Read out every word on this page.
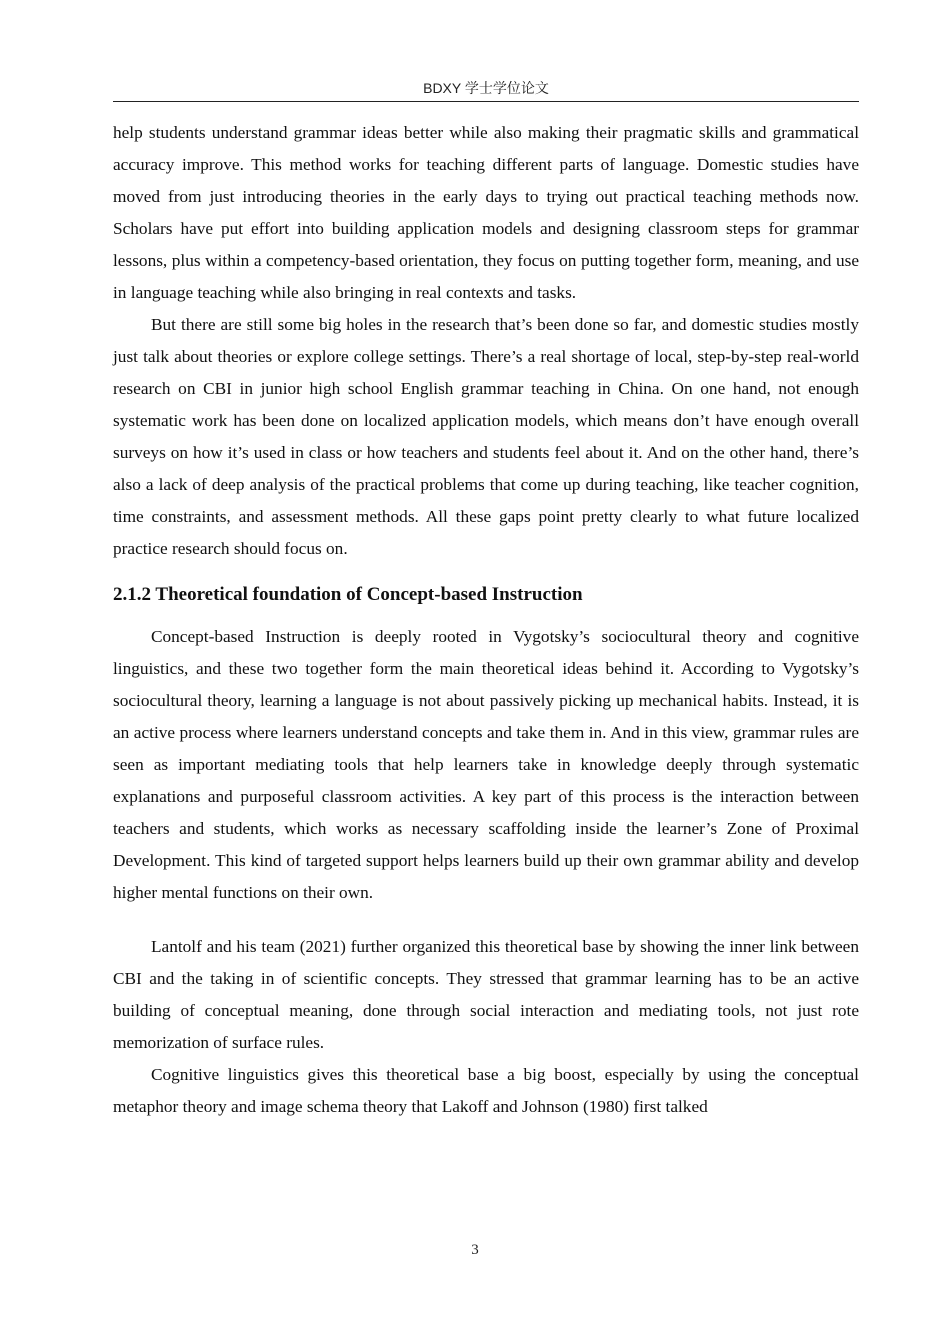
BDXY 学士学位论文

help students understand grammar ideas better while also making their pragmatic skills and grammatical accuracy improve. This method works for teaching different parts of language. Domestic studies have moved from just introducing theories in the early days to trying out practical teaching methods now. Scholars have put effort into building application models and designing classroom steps for grammar lessons, plus within a competency-based orientation, they focus on putting together form, meaning, and use in language teaching while also bringing in real contexts and tasks.

But there are still some big holes in the research that’s been done so far, and domestic studies mostly just talk about theories or explore college settings. There’s a real shortage of local, step-by-step real-world research on CBI in junior high school English grammar teaching in China. On one hand, not enough systematic work has been done on localized application models, which means don’t have enough overall surveys on how it’s used in class or how teachers and students feel about it. And on the other hand, there’s also a lack of deep analysis of the practical problems that come up during teaching, like teacher cognition, time constraints, and assessment methods. All these gaps point pretty clearly to what future localized practice research should focus on.

2.1.2 Theoretical foundation of Concept-based Instruction

Concept-based Instruction is deeply rooted in Vygotsky’s sociocultural theory and cognitive linguistics, and these two together form the main theoretical ideas behind it. According to Vygotsky’s sociocultural theory, learning a language is not about passively picking up mechanical habits. Instead, it is an active process where learners understand concepts and take them in. And in this view, grammar rules are seen as important mediating tools that help learners take in knowledge deeply through systematic explanations and purposeful classroom activities. A key part of this process is the interaction between teachers and students, which works as necessary scaffolding inside the learner’s Zone of Proximal Development. This kind of targeted support helps learners build up their own grammar ability and develop higher mental functions on their own.

Lantolf and his team (2021) further organized this theoretical base by showing the inner link between CBI and the taking in of scientific concepts. They stressed that grammar learning has to be an active building of conceptual meaning, done through social interaction and mediating tools, not just rote memorization of surface rules.

Cognitive linguistics gives this theoretical base a big boost, especially by using the conceptual metaphor theory and image schema theory that Lakoff and Johnson (1980) first talked

3
